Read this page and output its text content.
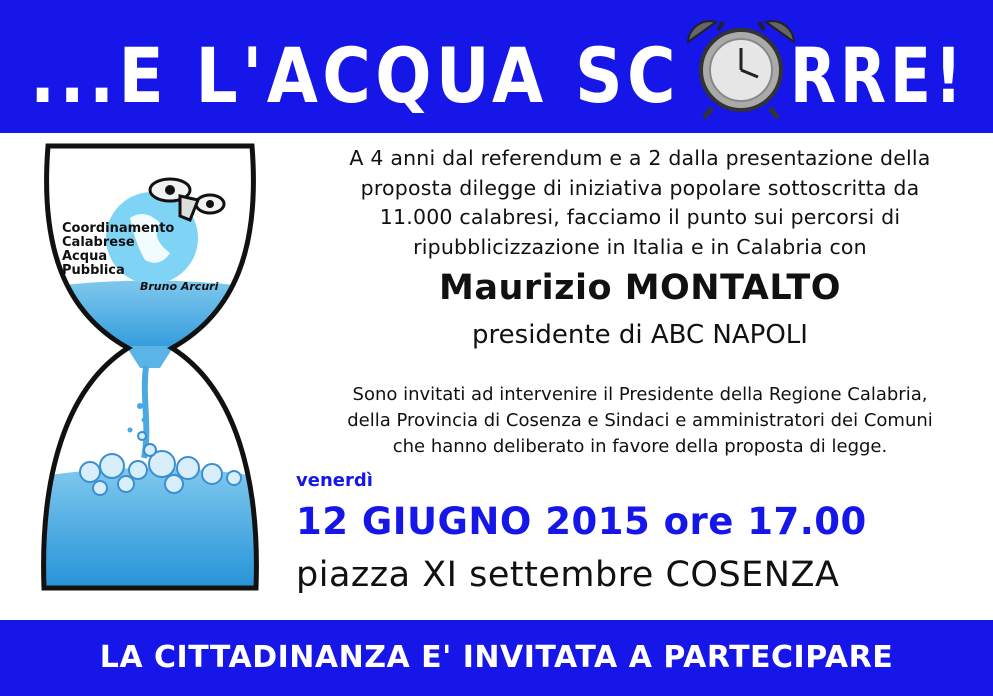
...E L'ACQUA SC RRE!
Coordinamento
Calabrese
Acqua
Pubblica
Bruno Arcuri
A 4 anni dal referendum e a 2 dalla presentazione della
proposta dilegge di iniziativa popolare sottoscritta da
11.000 calabresi, facciamo il punto sui percorsi di
ripubblicizzazione in Italia e in Calabria con
Maurizio MONTALTO
presidente di ABC NAPOLI
Sono invitati ad intervenire il Presidente della Regione Calabria,
della Provincia di Cosenza e Sindaci e amministratori dei Comuni
che hanno deliberato in favore della proposta di legge.
venerdì
12 GIUGNO 2015 ore 17.00
piazza XI settembre COSENZA
LA CITTADINANZA E' INVITATA A PARTECIPARE
